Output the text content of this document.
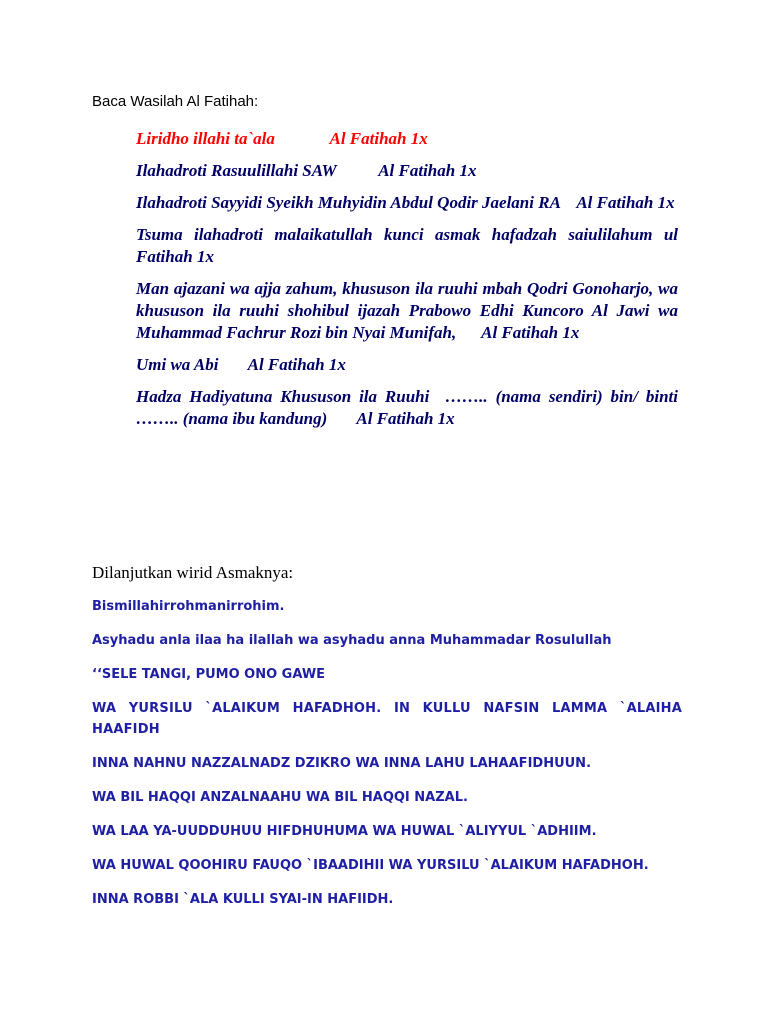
Baca Wasilah Al Fatihah:

Liridho illahi ta`ala             Al Fatihah 1x

Ilahadroti Rasuulillahi SAW          Al Fatihah 1x

Ilahadroti Sayyidi Syeikh Muhyidin Abdul Qodir Jaelani RA    Al Fatihah 1x

Tsuma ilahadroti malaikatullah kunci asmak hafadzah saiulilahum ul Fatihah 1x

Man ajazani wa ajja zahum, khususon ila ruuhi mbah Qodri Gonoharjo, wa khususon ila ruuhi shohibul ijazah Prabowo Edhi Kuncoro Al Jawi wa Muhammad Fachrur Rozi bin Nyai Munifah,      Al Fatihah 1x

Umi wa Abi       Al Fatihah 1x

Hadza Hadiyatuna Khususon ila Ruuhi  …….. (nama sendiri) bin/ binti …….. (nama ibu kandung)       Al Fatihah 1x

Dilanjutkan wirid Asmaknya:

Bismillahirrohmanirrohim.

Asyhadu anla ilaa ha ilallah wa asyhadu anna Muhammadar Rosulullah

‘‘SELE TANGI, PUMO ONO GAWE

WA YURSILU `ALAIKUM HAFADHOH. IN KULLU NAFSIN LAMMA `ALAIHA HAAFIDH

INNA NAHNU NAZZALNADZ DZIKRO WA INNA LAHU LAHAAFIDHUUN.

WA BIL HAQQI ANZALNAAHU WA BIL HAQQI NAZAL.

WA LAA YA-UUDDUHUU HIFDHUHUMA WA HUWAL `ALIYYUL `ADHIIM.

WA HUWAL QOOHIRU FAUQO `IBAADIHII WA YURSILU `ALAIKUM HAFADHOH.

INNA ROBBI `ALA KULLI SYAI-IN HAFIIDH.
